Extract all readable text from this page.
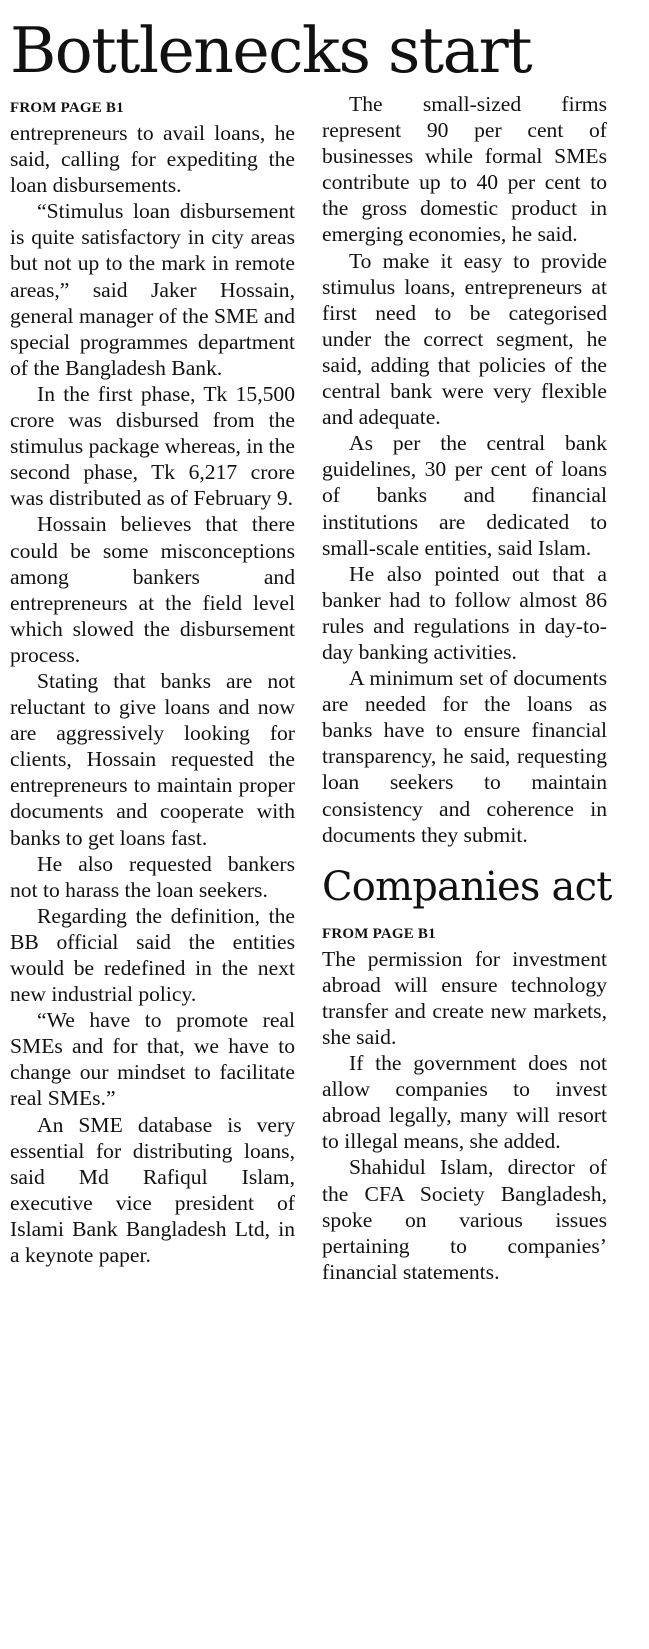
Bottlenecks start
FROM PAGE B1

entrepreneurs to avail loans, he said, calling for expediting the loan disbursements.

“Stimulus loan disbursement is quite satisfactory in city areas but not up to the mark in remote areas,” said Jaker Hossain, general manager of the SME and special programmes department of the Bangladesh Bank.

In the first phase, Tk 15,500 crore was disbursed from the stimulus package whereas, in the second phase, Tk 6,217 crore was distributed as of February 9.

Hossain believes that there could be some misconceptions among bankers and entrepreneurs at the field level which slowed the disbursement process.

Stating that banks are not reluctant to give loans and now are aggressively looking for clients, Hossain requested the entrepreneurs to maintain proper documents and cooperate with banks to get loans fast.

He also requested bankers not to harass the loan seekers.

Regarding the definition, the BB official said the entities would be redefined in the next new industrial policy.

“We have to promote real SMEs and for that, we have to change our mindset to facilitate real SMEs.”

An SME database is very essential for distributing loans, said Md Rafiqul Islam, executive vice president of Islami Bank Bangladesh Ltd, in a keynote paper.

The small-sized firms represent 90 per cent of businesses while formal SMEs contribute up to 40 per cent to the gross domestic product in emerging economies, he said.

To make it easy to provide stimulus loans, entrepreneurs at first need to be categorised under the correct segment, he said, adding that policies of the central bank were very flexible and adequate.

As per the central bank guidelines, 30 per cent of loans of banks and financial institutions are dedicated to small-scale entities, said Islam.

He also pointed out that a banker had to follow almost 86 rules and regulations in day-to-day banking activities.

A minimum set of documents are needed for the loans as banks have to ensure financial transparency, he said, requesting loan seekers to maintain consistency and coherence in documents they submit.

Companies act
FROM PAGE B1

The permission for investment abroad will ensure technology transfer and create new markets, she said.

If the government does not allow companies to invest abroad legally, many will resort to illegal means, she added.

Shahidul Islam, director of the CFA Society Bangladesh, spoke on various issues pertaining to companies’ financial statements.
